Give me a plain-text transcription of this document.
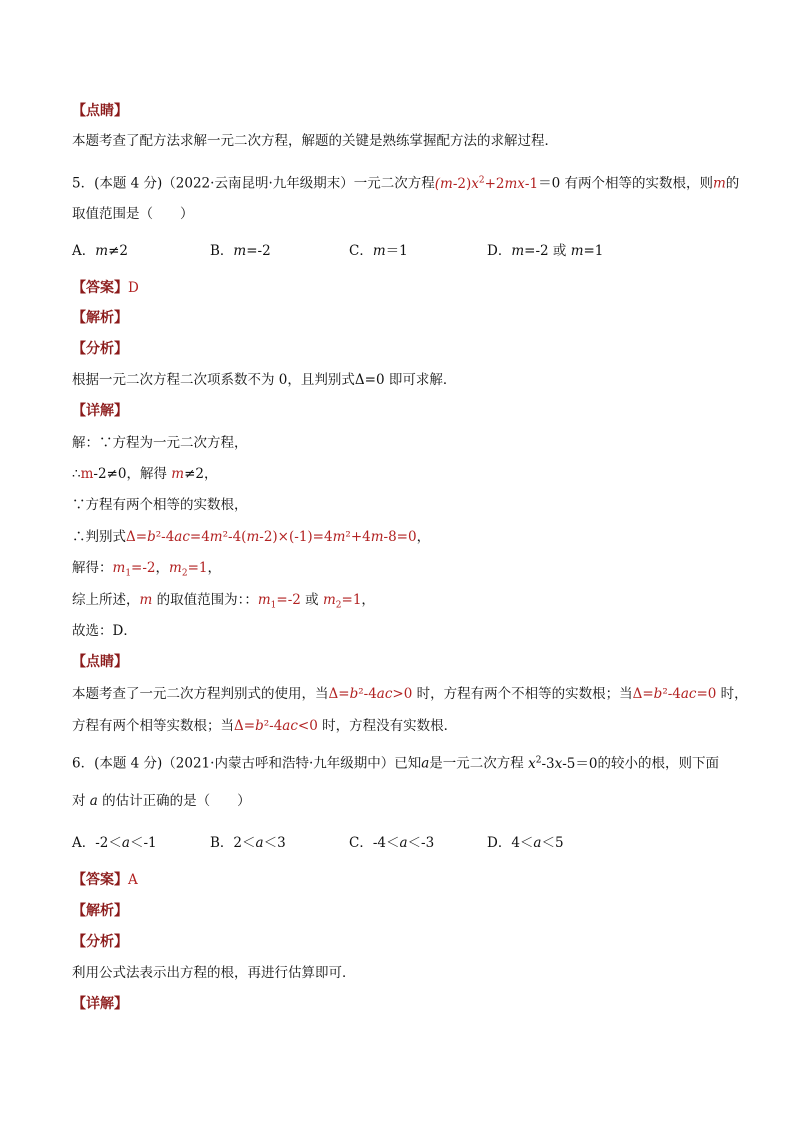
【点睛】
本题考查了配方法求解一元二次方程，解题的关键是熟练掌握配方法的求解过程．
5．(本题 4 分)（2022·云南昆明·九年级期末）一元二次方程$(m-2)x^2+2mx-1=0$ 有两个相等的实数根，则m的
取值范围是（　　）
A．m≠2	B．m=-2	C．m＝1	D．m=-2 或 m=1
【答案】D
【解析】
【分析】
根据一元二次方程二次项系数不为 0，且判别式Δ=0 即可求解．
【详解】
解：∵方程为一元二次方程，
∴m-2≠0，解得 m≠2，
∵方程有两个相等的实数根，
∴判别式Δ=b²-4ac=4m²-4(m-2)×(-1)=4m²+4m-8=0，
解得：$m_1=-2$，$m_2=1$，
综上所述，m 的取值范围为：：$m_1=-2$ 或 $m_2=1$，
故选：D．
【点睛】
本题考查了一元二次方程判别式的使用，当Δ=b²-4ac>0 时，方程有两个不相等的实数根；当Δ=b²-4ac=0 时，
方程有两个相等实数根；当Δ=b²-4ac<0 时，方程没有实数根．
6．(本题 4 分)（2021·内蒙古呼和浩特·九年级期中）已知a是一元二次方程 $x^2-3x-5=0$的较小的根，则下面
对 a 的估计正确的是（　　）
A．-2＜a＜-1	B．2＜a＜3	C．-4＜a＜-3	D．4＜a＜5
【答案】A
【解析】
【分析】
利用公式法表示出方程的根，再进行估算即可．
【详解】
